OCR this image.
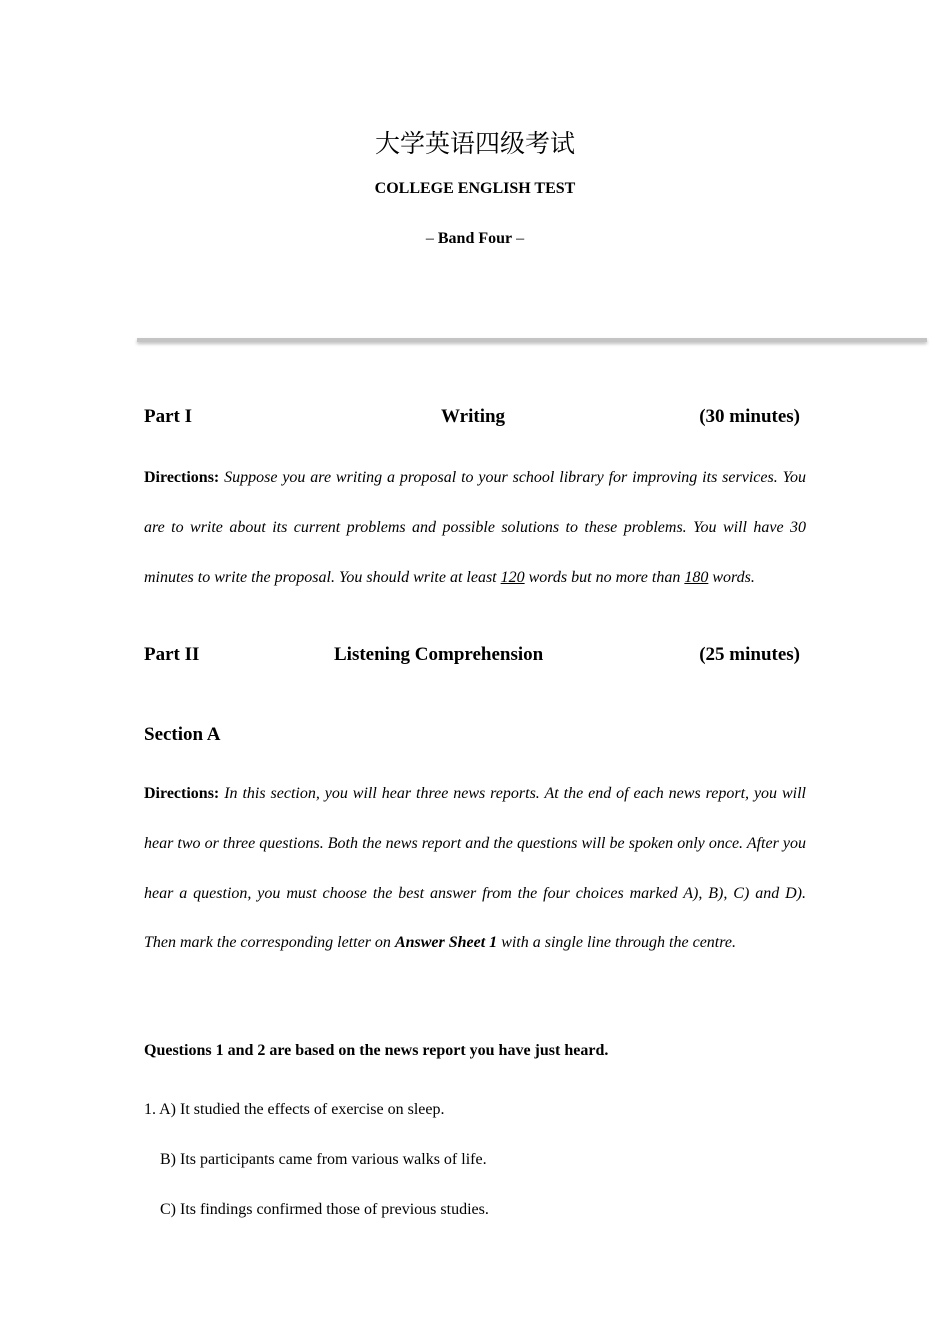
大学英语四级考试
COLLEGE ENGLISH TEST
– Band Four –
Part I	Writing	(30 minutes)
Directions: Suppose you are writing a proposal to your school library for improving its services. You are to write about its current problems and possible solutions to these problems. You will have 30 minutes to write the proposal. You should write at least 120 words but no more than 180 words.
Part II	Listening Comprehension	(25 minutes)
Section A
Directions: In this section, you will hear three news reports. At the end of each news report, you will hear two or three questions. Both the news report and the questions will be spoken only once. After you hear a question, you must choose the best answer from the four choices marked A), B), C) and D). Then mark the corresponding letter on Answer Sheet 1 with a single line through the centre.
Questions 1 and 2 are based on the news report you have just heard.
1. A) It studied the effects of exercise on sleep.
B) Its participants came from various walks of life.
C) Its findings confirmed those of previous studies.
